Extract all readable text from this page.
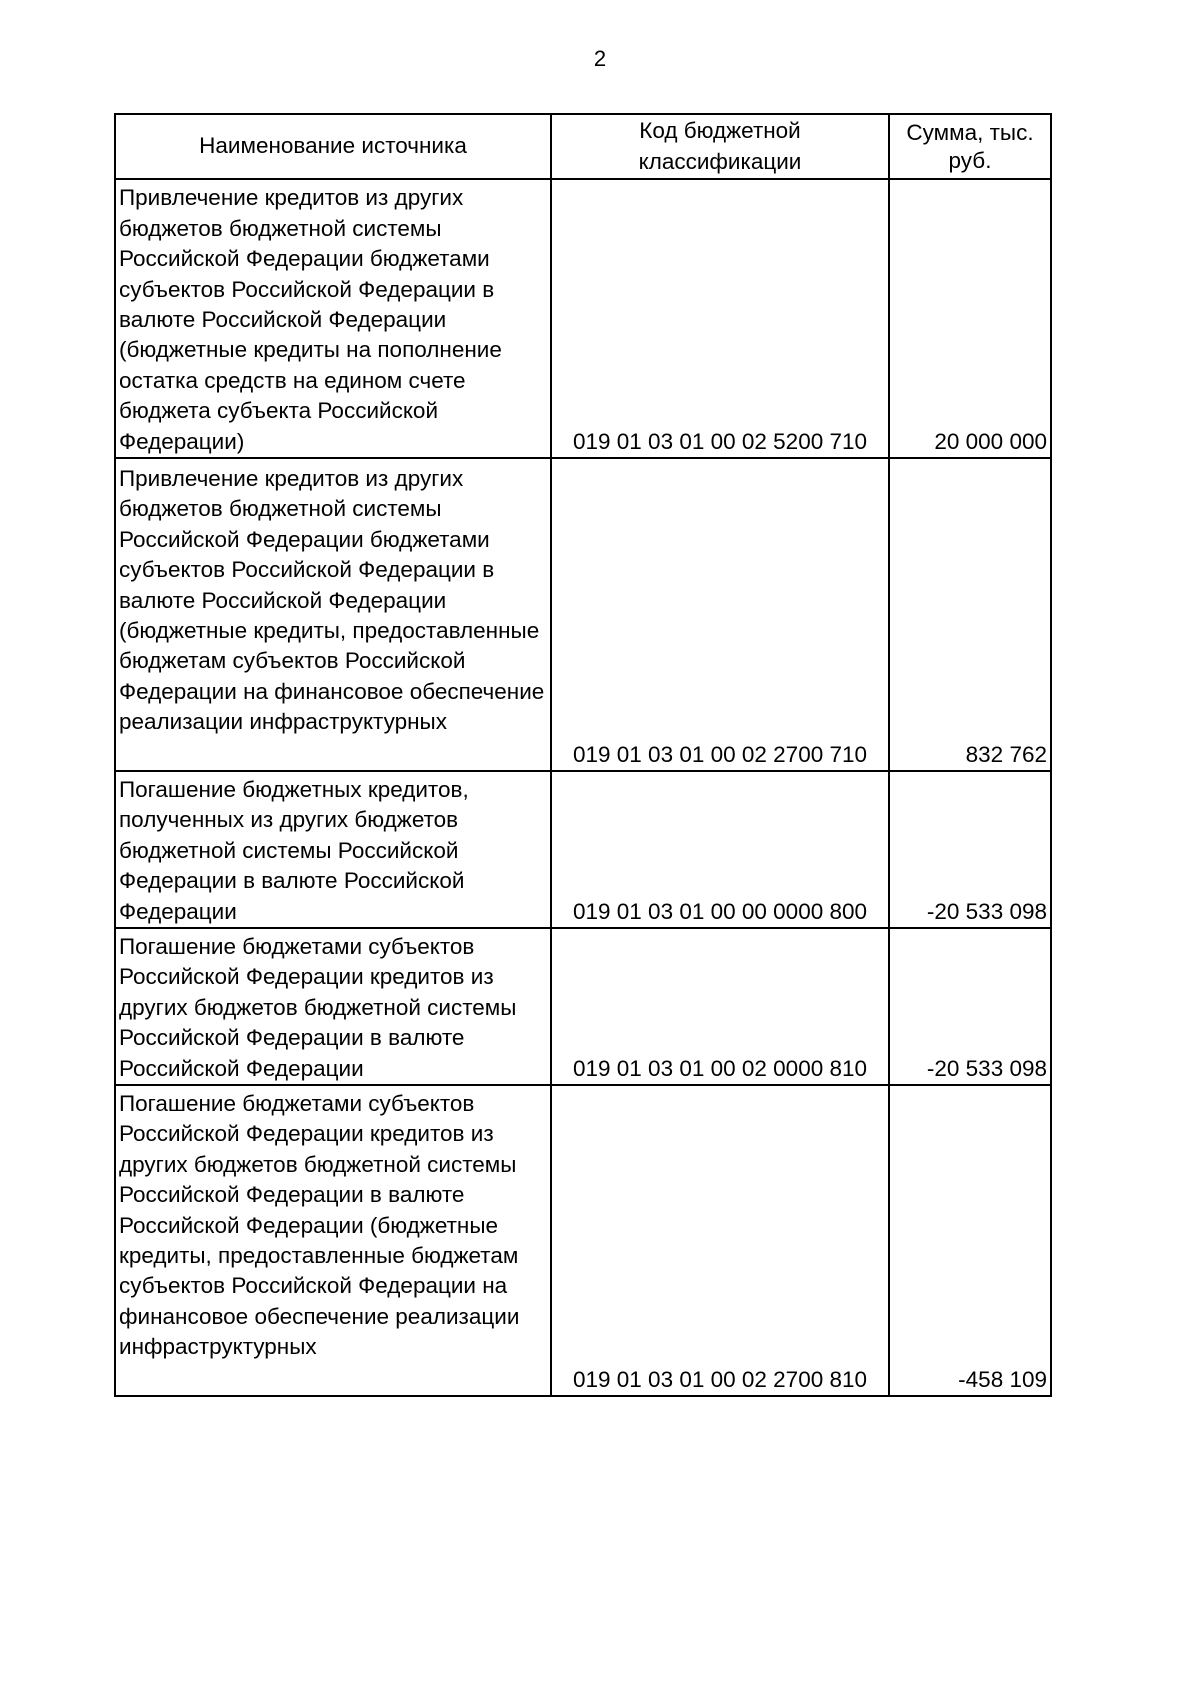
2
Наименование источника	Код бюджетной классификации	Сумма, тыс. руб.

Привлечение кредитов из других бюджетов бюджетной системы Российской Федерации бюджетами субъектов Российской Федерации в валюте Российской Федерации (бюджетные кредиты на пополнение остатка средств на едином счете бюджета субъекта Российской Федерации)	019 01 03 01 00 02 5200 710	20 000 000

Привлечение кредитов из других бюджетов бюджетной системы Российской Федерации бюджетами субъектов Российской Федерации в валюте Российской Федерации (бюджетные кредиты, предоставленные бюджетам субъектов Российской Федерации на финансовое обеспечение реализации инфраструктурных	019 01 03 01 00 02 2700 710	832 762

Погашение бюджетных кредитов, полученных из других бюджетов бюджетной системы Российской Федерации в валюте Российской Федерации	019 01 03 01 00 00 0000 800	-20 533 098

Погашение бюджетами субъектов Российской Федерации кредитов из других бюджетов бюджетной системы Российской Федерации в валюте Российской Федерации	019 01 03 01 00 02 0000 810	-20 533 098

Погашение бюджетами субъектов Российской Федерации кредитов из других бюджетов бюджетной системы Российской Федерации в валюте Российской Федерации (бюджетные кредиты, предоставленные бюджетам субъектов Российской Федерации на финансовое обеспечение реализации инфраструктурных	019 01 03 01 00 02 2700 810	-458 109
